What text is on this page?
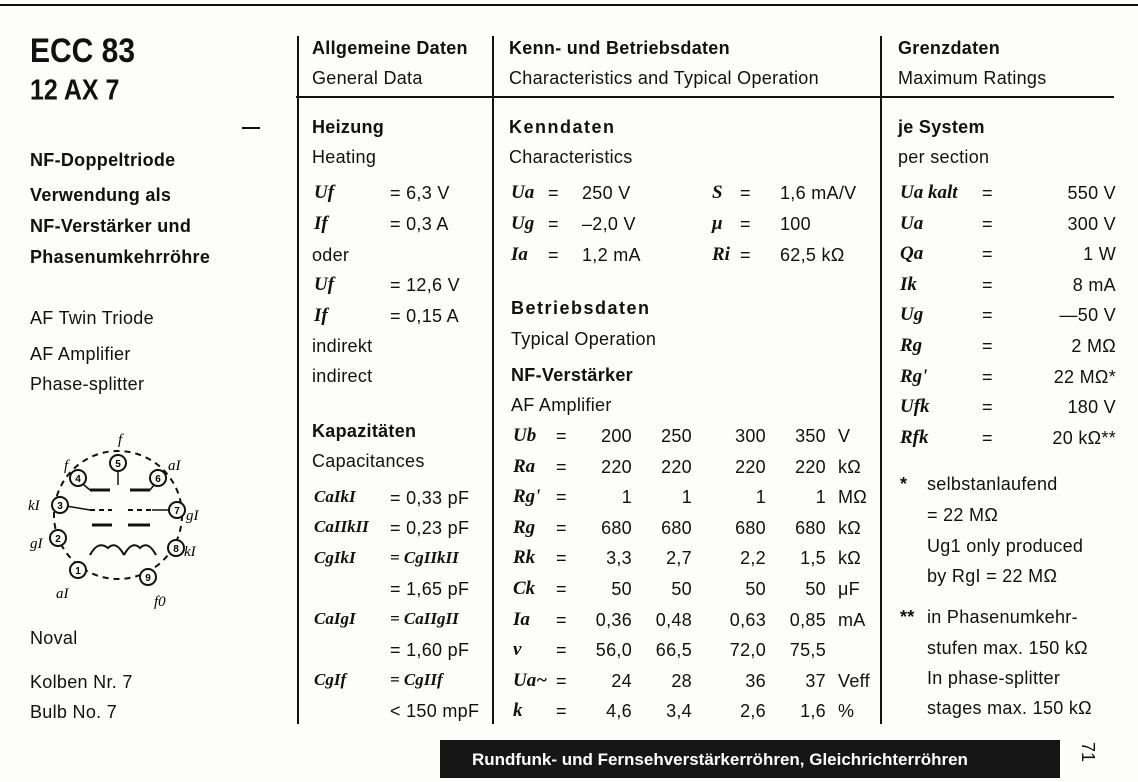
ECC 83
12 AX 7
NF-Doppeltriode
Verwendung als
NF-Verstärker und
Phasenumkehrröhre
AF Twin Triode
AF Amplifier
Phase-splitter
1
2
3
4
5
6
7
8
9
f
f	aI
kI
gI
gI	kI
aI	f0
Noval
Kolben Nr. 7
Bulb No. 7
Allgemeine Daten
General Data
Heizung
Heating
Uf	= 6,3 V
If	= 0,3 A
oder
Uf	= 12,6 V
If	= 0,15 A
indirekt
indirect
Kapazitäten
Capacitances
CaIkI = 0,33 pF
CaIIkII = 0,23 pF
CgIkI = CgIIkII
= 1,65 pF
CaIgI = CaIIgII
= 1,60 pF
CgIf	= CgIIf
< 150 mpF
Kenn- und Betriebsdaten
Characteristics and Typical Operation
Kenndaten
Characteristics
Ua = 250 V	S = 1,6 mA/V
Ug = –2,0 V	μ = 100
Ia = 1,2 mA	Ri = 62,5 kΩ
Betriebsdaten
Typical Operation
NF-Verstärker
AF Amplifier
Ub =	200	250	300	350 V
Ra =	220	220	220	220 kΩ
Rg' =	1	1	1	1 MΩ
Rg =	680	680	680	680 kΩ
Rk =	3,3	2,7	2,2	1,5 kΩ
Ck =	50	50	50	50 μF
Ia =	0,36	0,48	0,63	0,85 mA
v =	56,0	66,5	72,0	75,5
Ua~ =	24	28	36	37 Veff
k =	4,6	3,4	2,6	1,6 %
Grenzdaten
Maximum Ratings
je System
per section
Ua kalt =	550 V
Ua	=	300 V
Qa	=	1 W
Ik	=	8 mA
Ug	=	—50 V
Rg	=	2 MΩ
Rg'	=	22 MΩ*
Ufk	=	180 V
Rfk	=	20 kΩ**
* selbstanlaufend
= 22 MΩ
Ug1 only produced
by RgI = 22 MΩ
** in Phasenumkehr-
stufen max. 150 kΩ
In phase-splitter
stages max. 150 kΩ
Rundfunk- und Fernsehverstärkerröhren, Gleichrichterröhren	71
